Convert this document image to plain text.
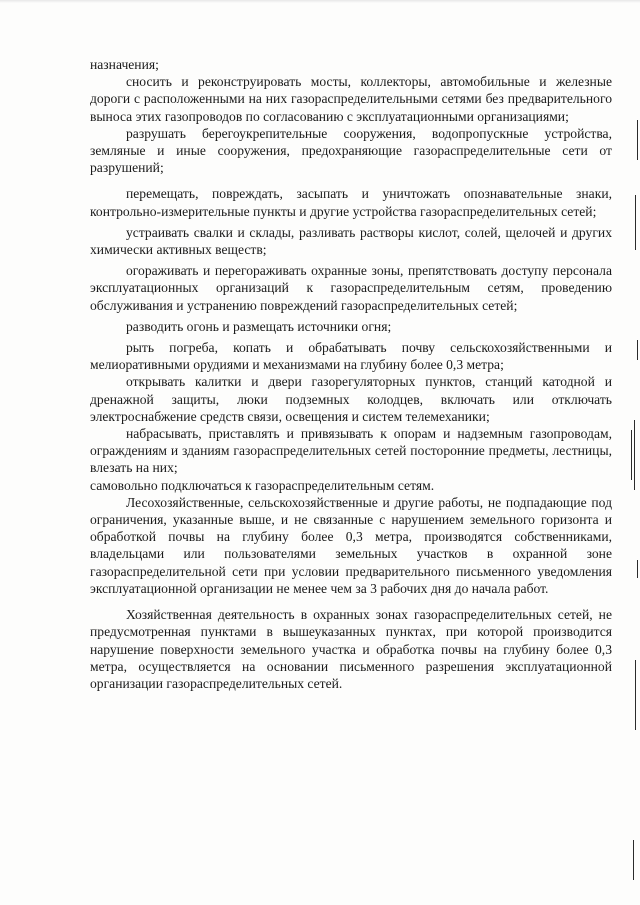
назначения;

сносить и реконструировать мосты, коллекторы, автомобильные и железные дороги с расположенными на них газораспределительными сетями без предварительного выноса этих газопроводов по согласованию с эксплуатационными организациями;

разрушать берегоукрепительные сооружения, водопропускные устройства, земляные и иные сооружения, предохраняющие газораспределительные сети от разрушений;

перемещать, повреждать, засыпать и уничтожать опознавательные знаки, контрольно-измерительные пункты и другие устройства газораспределительных сетей;

устраивать свалки и склады, разливать растворы кислот, солей, щелочей и других химически активных веществ;

огораживать и перегораживать охранные зоны, препятствовать доступу персонала эксплуатационных организаций к газораспределительным сетям, проведению обслуживания и устранению повреждений газораспределительных сетей;

разводить огонь и размещать источники огня;

рыть погреба, копать и обрабатывать почву сельскохозяйственными и мелиоративными орудиями и механизмами на глубину более 0,3 метра;

открывать калитки и двери газорегуляторных пунктов, станций катодной и дренажной защиты, люки подземных колодцев, включать или отключать электроснабжение средств связи, освещения и систем телемеханики;

набрасывать, приставлять и привязывать к опорам и надземным газопроводам, ограждениям и зданиям газораспределительных сетей посторонние предметы, лестницы, влезать на них;

самовольно подключаться к газораспределительным сетям.

Лесохозяйственные, сельскохозяйственные и другие работы, не подпадающие под ограничения, указанные выше, и не связанные с нарушением земельного горизонта и обработкой почвы на глубину более 0,3 метра, производятся собственниками, владельцами или пользователями земельных участков в охранной зоне газораспределительной сети при условии предварительного письменного уведомления эксплуатационной организации не менее чем за 3 рабочих дня до начала работ.

Хозяйственная деятельность в охранных зонах газораспределительных сетей, не предусмотренная пунктами в вышеуказанных пунктах, при которой производится нарушение поверхности земельного участка и обработка почвы на глубину более 0,3 метра, осуществляется на основании письменного разрешения эксплуатационной организации газораспределительных сетей.
